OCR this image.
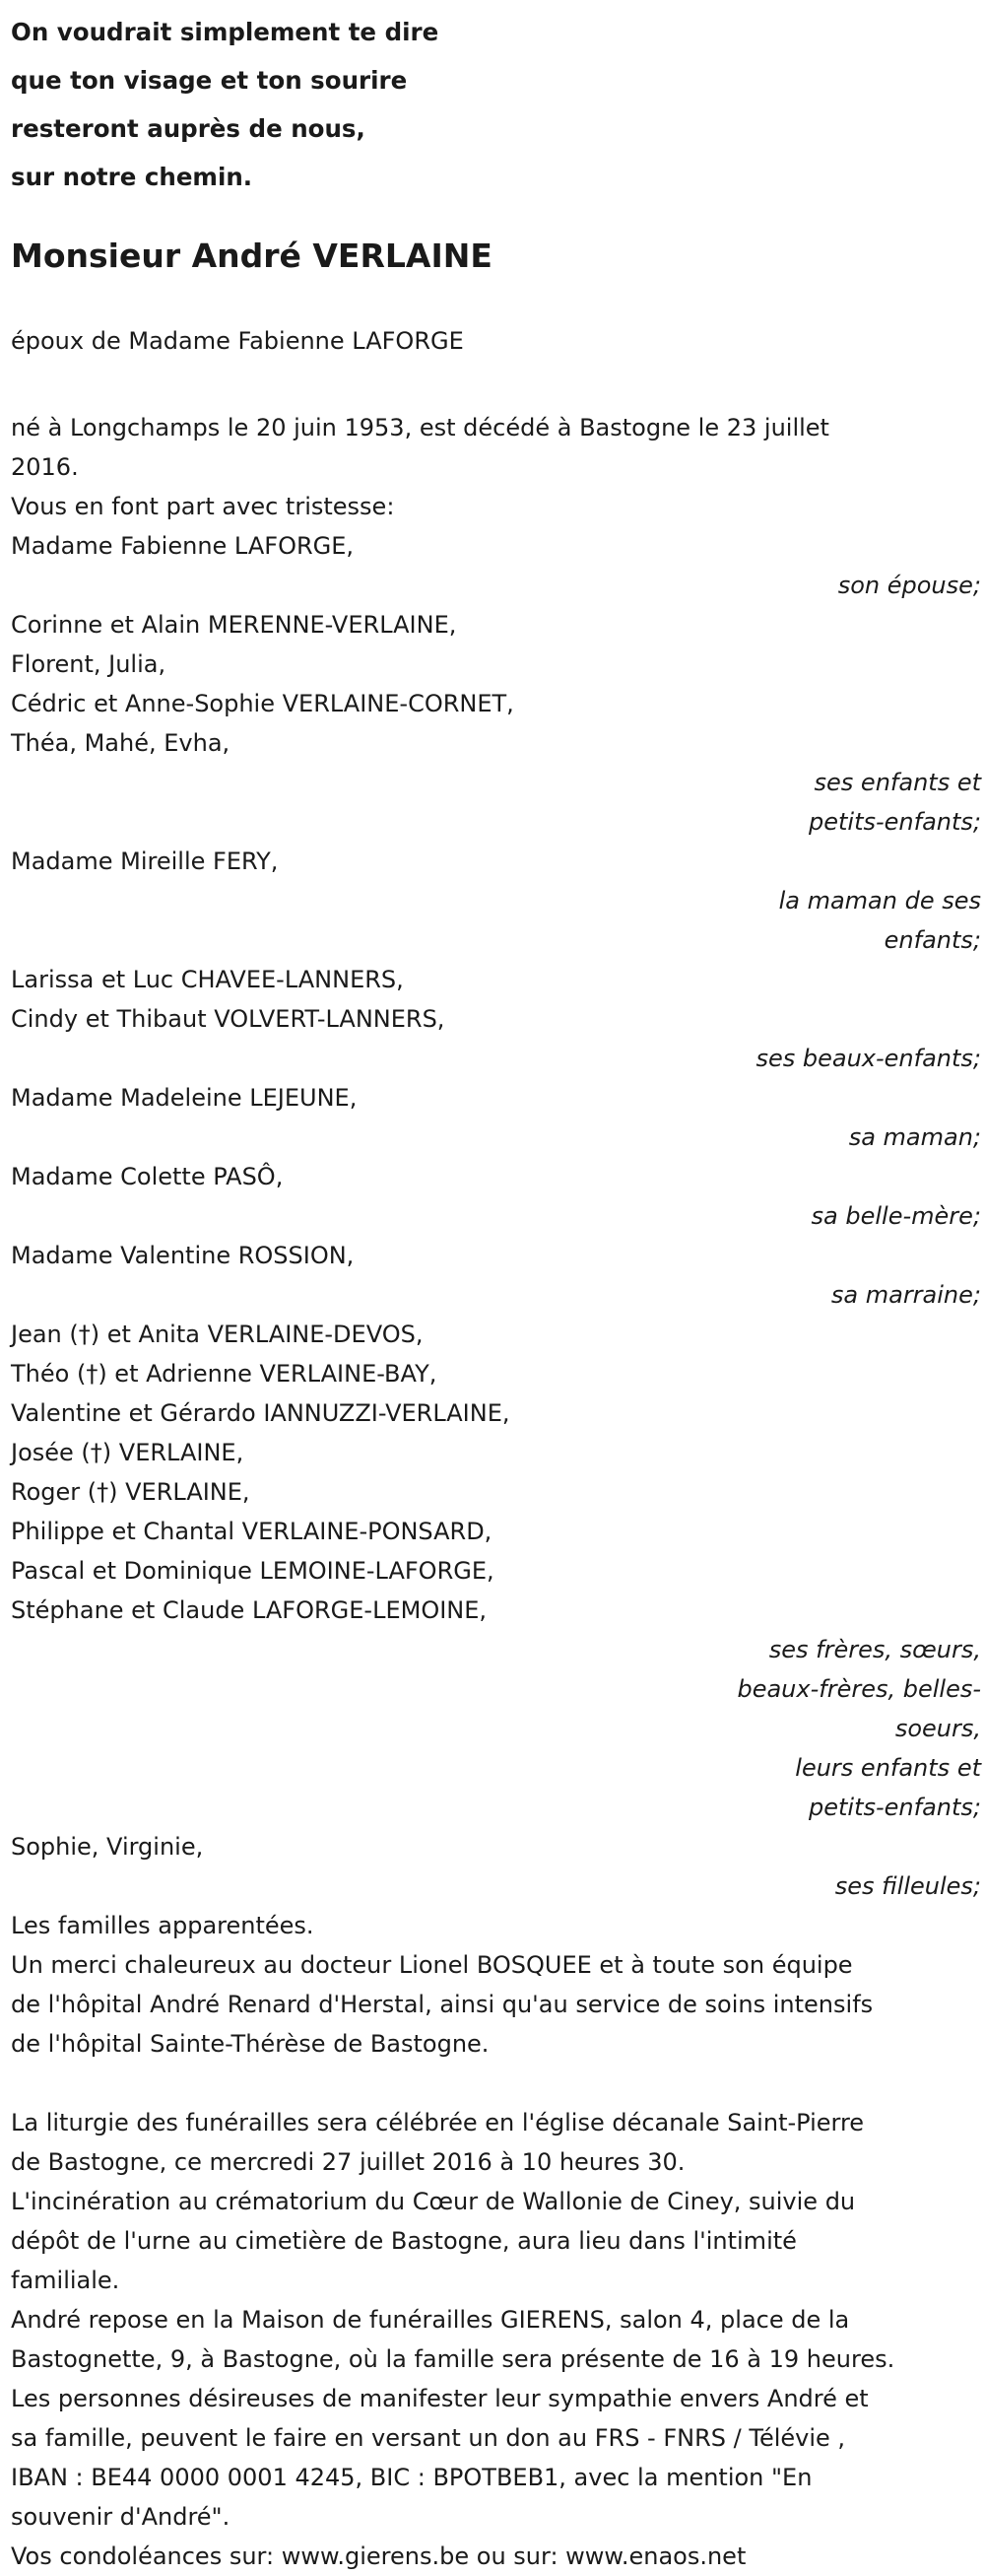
On voudrait simplement te dire
que ton visage et ton sourire
resteront auprès de nous,
sur notre chemin.
Monsieur André VERLAINE
époux de Madame Fabienne LAFORGE
né à Longchamps le 20 juin 1953, est décédé à Bastogne le 23 juillet
2016.
Vous en font part avec tristesse:
Madame Fabienne LAFORGE,
son épouse;
Corinne et Alain MERENNE-VERLAINE,
Florent, Julia,
Cédric et Anne-Sophie VERLAINE-CORNET,
Théa, Mahé, Evha,
ses enfants et
petits-enfants;
Madame Mireille FERY,
la maman de ses
enfants;
Larissa et Luc CHAVEE-LANNERS,
Cindy et Thibaut VOLVERT-LANNERS,
ses beaux-enfants;
Madame Madeleine LEJEUNE,
sa maman;
Madame Colette PASÔ,
sa belle-mère;
Madame Valentine ROSSION,
sa marraine;
Jean (†) et Anita VERLAINE-DEVOS,
Théo (†) et Adrienne VERLAINE-BAY,
Valentine et Gérardo IANNUZZI-VERLAINE,
Josée (†) VERLAINE,
Roger (†) VERLAINE,
Philippe et Chantal VERLAINE-PONSARD,
Pascal et Dominique LEMOINE-LAFORGE,
Stéphane et Claude LAFORGE-LEMOINE,
ses frères, sœurs,
beaux-frères, belles-
soeurs,
leurs enfants et
petits-enfants;
Sophie, Virginie,
ses filleules;
Les familles apparentées.
Un merci chaleureux au docteur Lionel BOSQUEE et à toute son équipe
de l'hôpital André Renard d'Herstal, ainsi qu'au service de soins intensifs
de l'hôpital Sainte-Thérèse de Bastogne.
La liturgie des funérailles sera célébrée en l'église décanale Saint-Pierre
de Bastogne, ce mercredi 27 juillet 2016 à 10 heures 30.
L'incinération au crématorium du Cœur de Wallonie de Ciney, suivie du
dépôt de l'urne au cimetière de Bastogne, aura lieu dans l'intimité
familiale.
André repose en la Maison de funérailles GIERENS, salon 4, place de la
Bastognette, 9, à Bastogne, où la famille sera présente de 16 à 19 heures.
Les personnes désireuses de manifester leur sympathie envers André et
sa famille, peuvent le faire en versant un don au FRS - FNRS / Télévie ,
IBAN : BE44 0000 0001 4245, BIC : BPOTBEB1, avec la mention "En
souvenir d'André".
Vos condoléances sur: www.gierens.be ou sur: www.enaos.net
